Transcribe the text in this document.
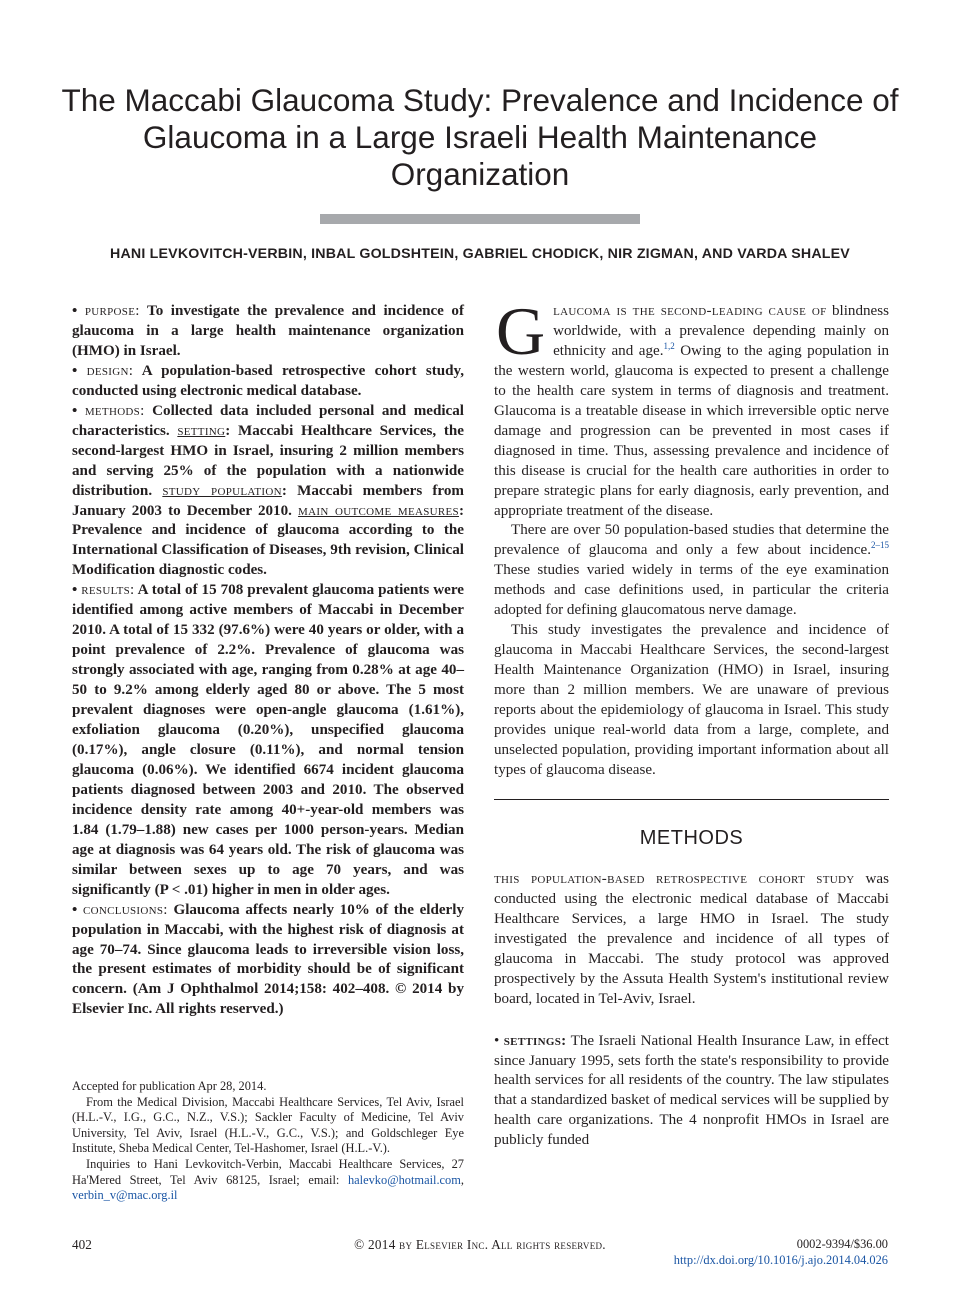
The Maccabi Glaucoma Study: Prevalence and Incidence of Glaucoma in a Large Israeli Health Maintenance Organization

HANI LEVKOVITCH-VERBIN, INBAL GOLDSHTEIN, GABRIEL CHODICK, NIR ZIGMAN, AND VARDA SHALEV

• purpose: To investigate the prevalence and incidence of glaucoma in a large health maintenance organization (HMO) in Israel.
• design: A population-based retrospective cohort study, conducted using electronic medical database.
• methods: Collected data included personal and medical characteristics. setting: Maccabi Healthcare Services, the second-largest HMO in Israel, insuring 2 million members and serving 25% of the population with a nationwide distribution. study population: Maccabi members from January 2003 to December 2010. main outcome measures: Prevalence and incidence of glaucoma according to the International Classification of Diseases, 9th revision, Clinical Modification diagnostic codes.
• results: A total of 15 708 prevalent glaucoma patients were identified among active members of Maccabi in December 2010. A total of 15 332 (97.6%) were 40 years or older, with a point prevalence of 2.2%. Prevalence of glaucoma was strongly associated with age, ranging from 0.28% at age 40–50 to 9.2% among elderly aged 80 or above. The 5 most prevalent diagnoses were open-angle glaucoma (1.61%), exfoliation glaucoma (0.20%), unspecified glaucoma (0.17%), angle closure (0.11%), and normal tension glaucoma (0.06%). We identified 6674 incident glaucoma patients diagnosed between 2003 and 2010. The observed incidence density rate among 40+-year-old members was 1.84 (1.79–1.88) new cases per 1000 person-years. Median age at diagnosis was 64 years old. The risk of glaucoma was similar between sexes up to age 70 years, and was significantly (P < .01) higher in men in older ages.
• conclusions: Glaucoma affects nearly 10% of the elderly population in Maccabi, with the highest risk of diagnosis at age 70–74. Since glaucoma leads to irreversible vision loss, the present estimates of morbidity should be of significant concern. (Am J Ophthalmol 2014;158: 402–408. © 2014 by Elsevier Inc. All rights reserved.)

Accepted for publication Apr 28, 2014.

From the Medical Division, Maccabi Healthcare Services, Tel Aviv, Israel (H.L.-V., I.G., G.C., N.Z., V.S.); Sackler Faculty of Medicine, Tel Aviv University, Tel Aviv, Israel (H.L.-V., G.C., V.S.); and Goldschleger Eye Institute, Sheba Medical Center, Tel-Hashomer, Israel (H.L.-V.).

Inquiries to Hani Levkovitch-Verbin, Maccabi Healthcare Services, 27 Ha'Mered Street, Tel Aviv 68125, Israel; email: halevko@hotmail.com, verbin_v@mac.org.il

Glaucoma is the second-leading cause of blindness worldwide, with a prevalence depending mainly on ethnicity and age.$^{1,2}$ Owing to the aging population in the western world, glaucoma is expected to present a challenge to the health care system in terms of diagnosis and treatment. Glaucoma is a treatable disease in which irreversible optic nerve damage and progression can be prevented in most cases if diagnosed in time. Thus, assessing prevalence and incidence of this disease is crucial for the health care authorities in order to prepare strategic plans for early diagnosis, early prevention, and appropriate treatment of the disease.

There are over 50 population-based studies that determine the prevalence of glaucoma and only a few about incidence.$^{2-15}$ These studies varied widely in terms of the eye examination methods and case definitions used, in particular the criteria adopted for defining glaucomatous nerve damage.

This study investigates the prevalence and incidence of glaucoma in Maccabi Healthcare Services, the second-largest Health Maintenance Organization (HMO) in Israel, insuring more than 2 million members. We are unaware of previous reports about the epidemiology of glaucoma in Israel. This study provides unique real-world data from a large, complete, and unselected population, providing important information about all types of glaucoma disease.

METHODS

this population-based retrospective cohort study was conducted using the electronic medical database of Maccabi Healthcare Services, a large HMO in Israel. The study investigated the prevalence and incidence of all types of glaucoma in Maccabi. The study protocol was approved prospectively by the Assuta Health System's institutional review board, located in Tel-Aviv, Israel.

• settings: The Israeli National Health Insurance Law, in effect since January 1995, sets forth the state's responsibility to provide health services for all residents of the country. The law stipulates that a standardized basket of medical services will be supplied by health care organizations. The 4 nonprofit HMOs in Israel are publicly funded

402	© 2014 by Elsevier Inc. All rights reserved.	0002-9394/$36.00
http://dx.doi.org/10.1016/j.ajo.2014.04.026
